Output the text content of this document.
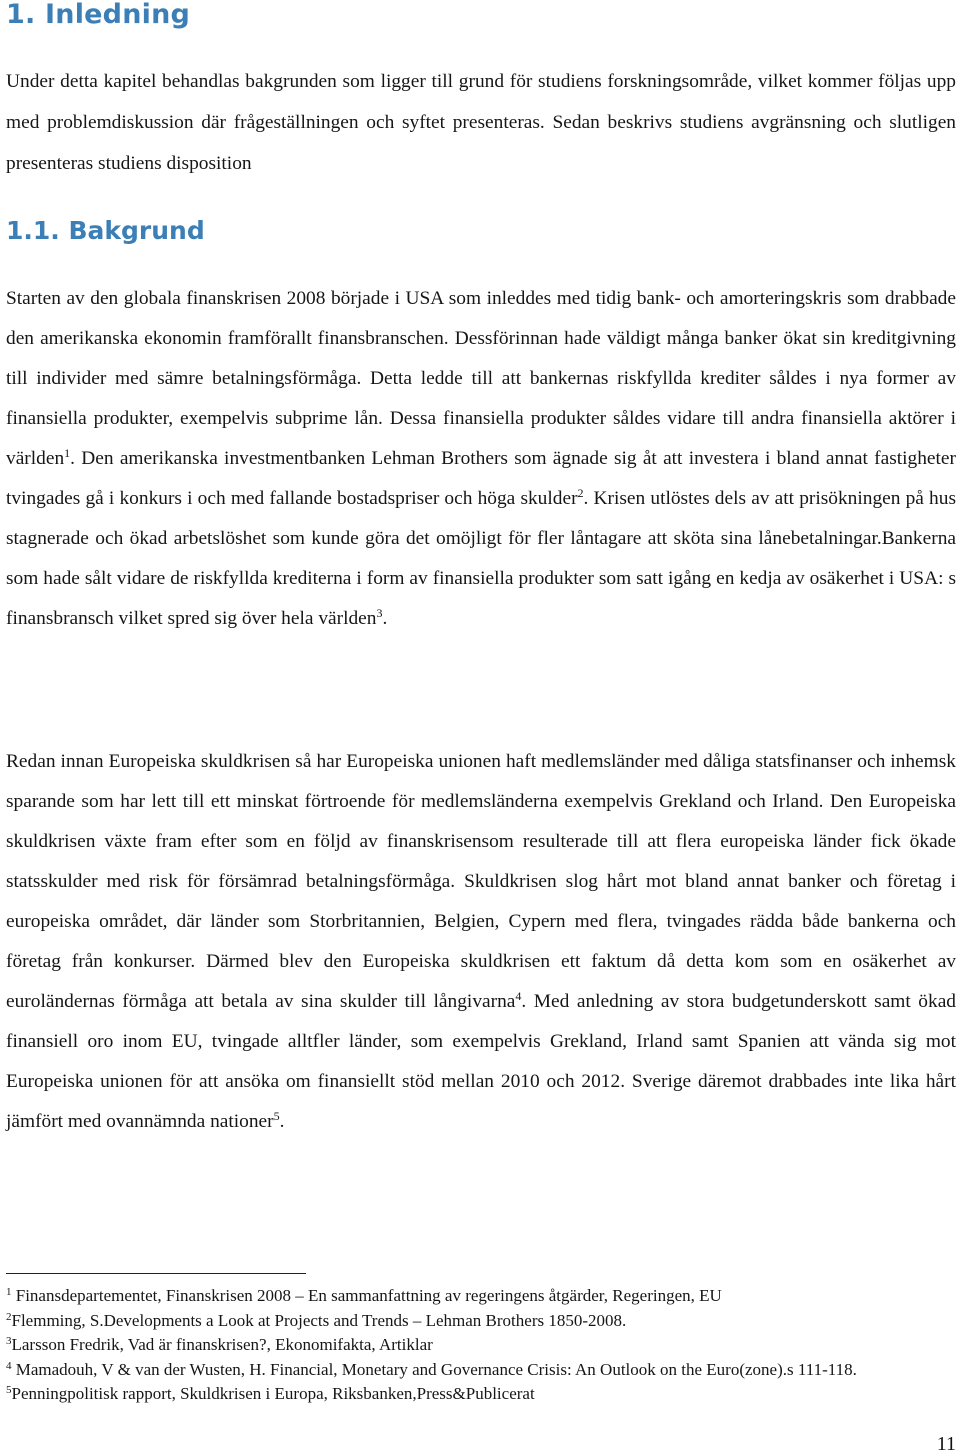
1. Inledning

Under detta kapitel behandlas bakgrunden som ligger till grund för studiens forskningsområde, vilket kommer följas upp med problemdiskussion där frågeställningen och syftet presenteras. Sedan beskrivs studiens avgränsning och slutligen presenteras studiens disposition

1.1. Bakgrund

Starten av den globala finanskrisen 2008 började i USA som inleddes med tidig bank- och amorteringskris som drabbade den amerikanska ekonomin framförallt finansbranschen. Dessförinnan hade väldigt många banker ökat sin kreditgivning till individer med sämre betalningsförmåga. Detta ledde till att bankernas riskfyllda krediter såldes i nya former av finansiella produkter, exempelvis subprime lån. Dessa finansiella produkter såldes vidare till andra finansiella aktörer i världen$^1$. Den amerikanska investmentbanken Lehman Brothers som ägnade sig åt att investera i bland annat fastigheter tvingades gå i konkurs i och med fallande bostadspriser och höga skulder$^2$. Krisen utlöstes dels av att prisökningen på hus stagnerade och ökad arbetslöshet som kunde göra det omöjligt för fler låntagare att sköta sina lånebetalningar.Bankerna som hade sålt vidare de riskfyllda krediterna i form av finansiella produkter som satt igång en kedja av osäkerhet i USA: s finansbransch vilket spred sig över hela världen$^3$.

Redan innan Europeiska skuldkrisen så har Europeiska unionen haft medlemsländer med dåliga statsfinanser och inhemsk sparande som har lett till ett minskat förtroende för medlemsländerna exempelvis Grekland och Irland. Den Europeiska skuldkrisen växte fram efter som en följd av finanskrisensom resulterade till att flera europeiska länder fick ökade statsskulder med risk för försämrad betalningsförmåga. Skuldkrisen slog hårt mot bland annat banker och företag i europeiska området, där länder som Storbritannien, Belgien, Cypern med flera, tvingades rädda både bankerna och företag från konkurser. Därmed blev den Europeiska skuldkrisen ett faktum då detta kom som en osäkerhet av euroländernas förmåga att betala av sina skulder till långivarna$^4$. Med anledning av stora budgetunderskott samt ökad finansiell oro inom EU, tvingade alltfler länder, som exempelvis Grekland, Irland samt Spanien att vända sig mot Europeiska unionen för att ansöka om finansiellt stöd mellan 2010 och 2012. Sverige däremot drabbades inte lika hårt jämfört med ovannämnda nationer$^5$.

$^1$ Finansdepartementet, Finanskrisen 2008 – En sammanfattning av regeringens åtgärder, Regeringen, EU
$^2$Flemming, S.Developments a Look at Projects and Trends – Lehman Brothers 1850-2008.
$^3$Larsson Fredrik, Vad är finanskrisen?, Ekonomifakta, Artiklar
$^4$ Mamadouh, V & van der Wusten, H. Financial, Monetary and Governance Crisis: An Outlook on the Euro(zone).s 111-118.
$^5$Penningpolitisk rapport, Skuldkrisen i Europa, Riksbanken,Press&Publicerat
11
